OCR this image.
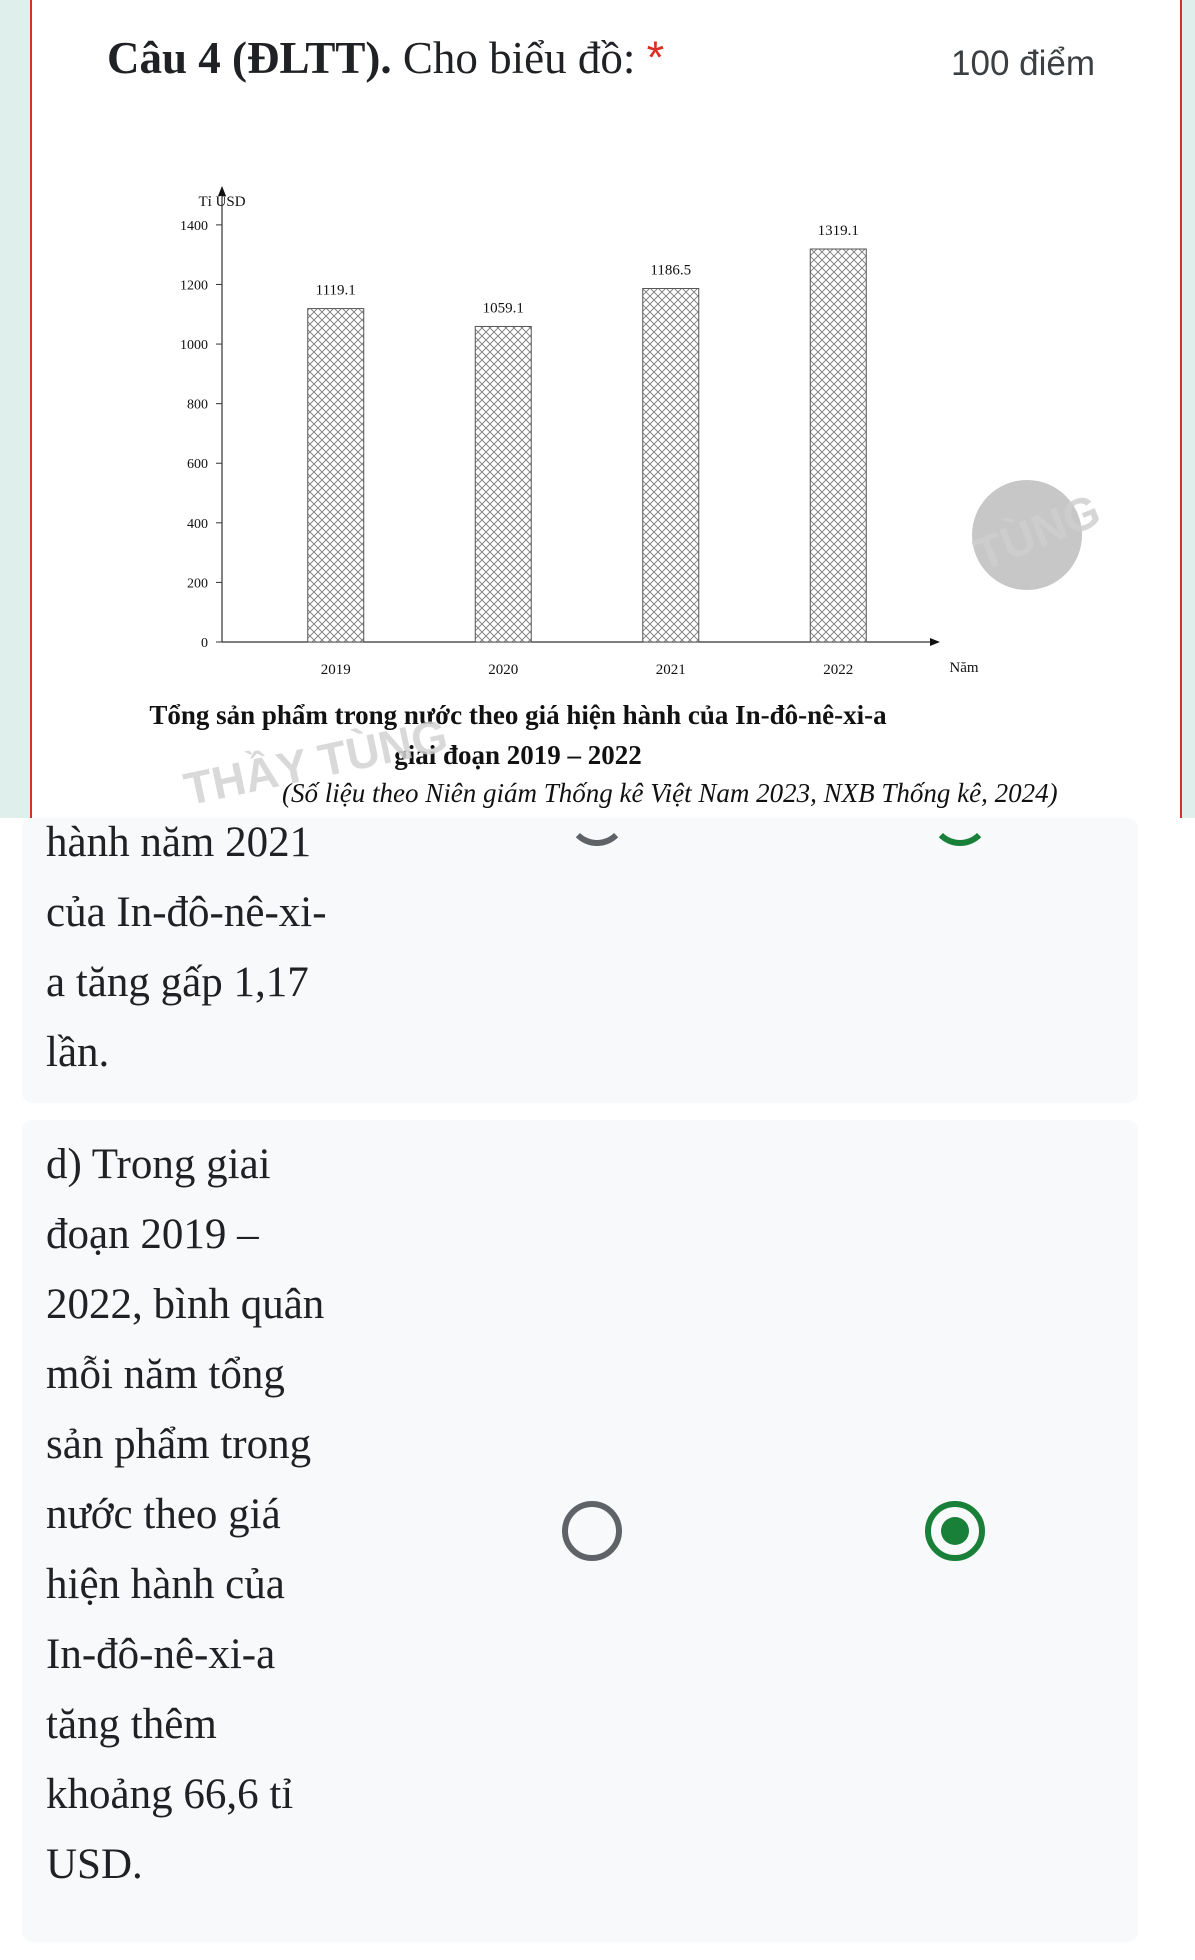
Câu 4 (ĐLTT). Cho biểu đồ: *	100 điểm
Tỉ USD
Năm
0
200
400
600
800
1000
1200
1400
1119.1
2019
1059.1
2020
1186.5
2021
1319.1
2022
TÙNG
Tổng sản phẩm trong nước theo giá hiện hành của In-đô-nê-xi-a
giai đoạn 2019 – 2022
(Số liệu theo Niên giám Thống kê Việt Nam 2023, NXB Thống kê, 2024)
THẦY TÙNG
hành năm 2021
của In-đô-nê-xi-
a tăng gấp 1,17
lần.
d) Trong giai
đoạn 2019 –
2022, bình quân
mỗi năm tổng
sản phẩm trong
nước theo giá
hiện hành của
In-đô-nê-xi-a
tăng thêm
khoảng 66,6 tỉ
USD.
